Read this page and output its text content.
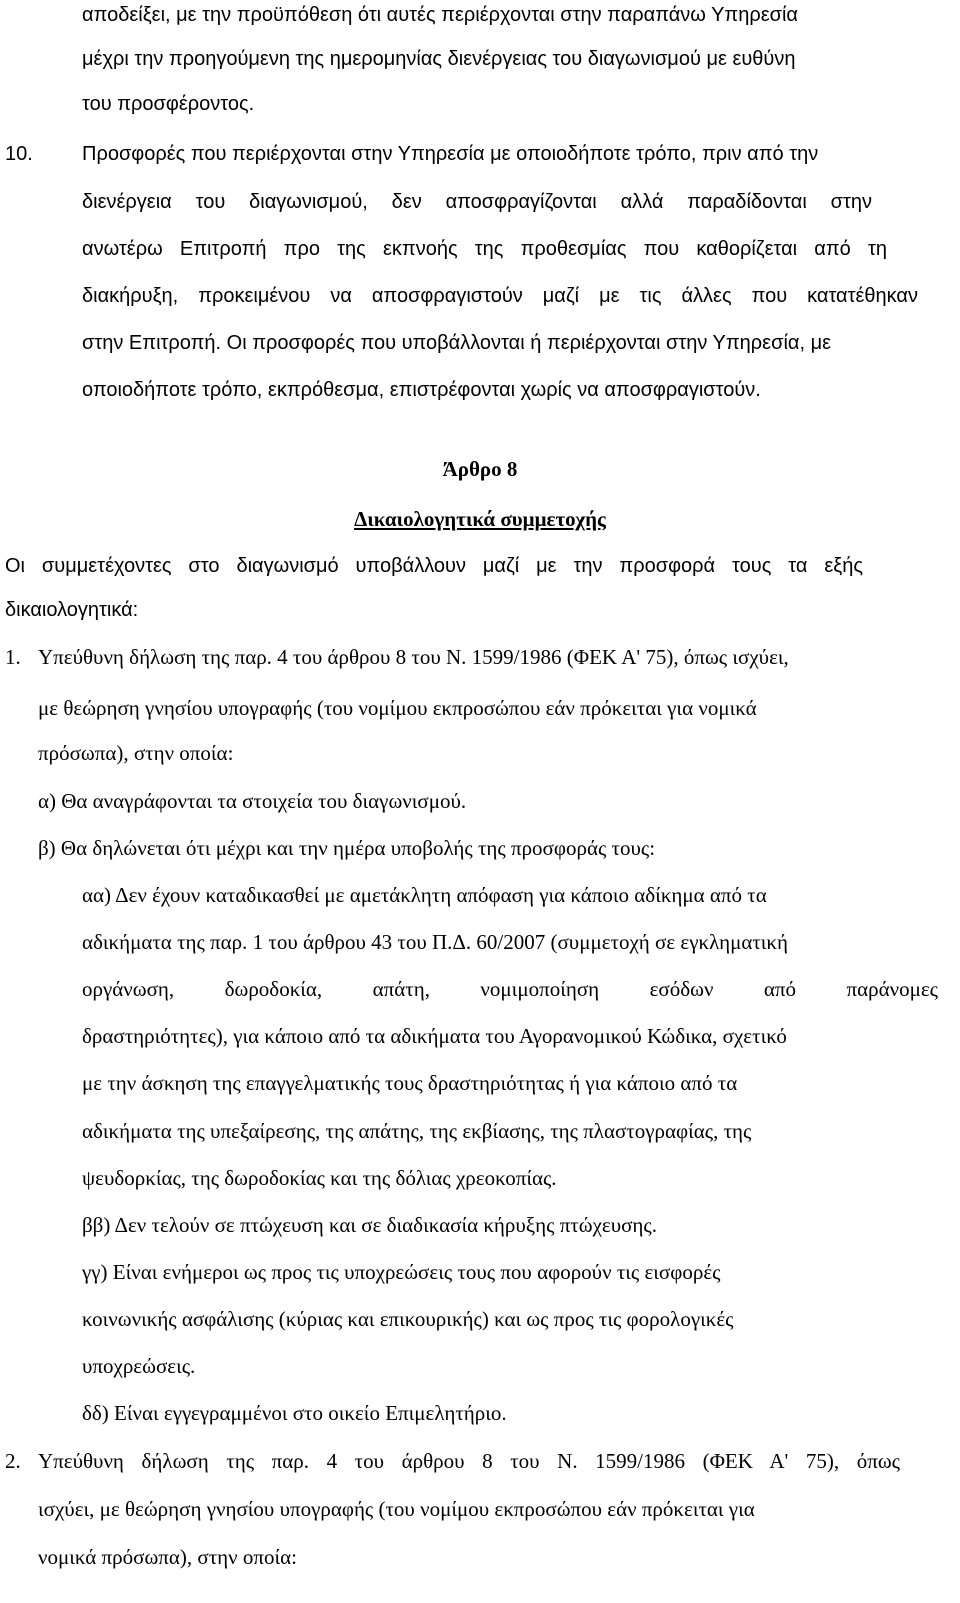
αποδείξει, με την προϋπόθεση ότι αυτές περιέρχονται στην παραπάνω Υπηρεσία
μέχρι την προηγούμενη της ημερομηνίας διενέργειας του διαγωνισμού με ευθύνη
του προσφέροντος.
10. Προσφορές που περιέρχονται στην Υπηρεσία με οποιοδήποτε τρόπο, πριν από την
διενέργεια του διαγωνισμού, δεν αποσφραγίζονται αλλά παραδίδονται στην
ανωτέρω Επιτροπή προ της εκπνοής της προθεσμίας που καθορίζεται από τη
διακήρυξη, προκειμένου να αποσφραγιστούν μαζί με τις άλλες που κατατέθηκαν
στην Επιτροπή. Οι προσφορές που υποβάλλονται ή περιέρχονται στην Υπηρεσία, με
οποιοδήποτε τρόπο, εκπρόθεσμα, επιστρέφονται χωρίς να αποσφραγιστούν.
Άρθρο 8
Δικαιολογητικά συμμετοχής
Οι συμμετέχοντες στο διαγωνισμό υποβάλλουν μαζί με την προσφορά τους τα εξής
δικαιολογητικά:
1. Υπεύθυνη δήλωση της παρ. 4 του άρθρου 8 του Ν. 1599/1986 (ΦΕΚ Α' 75), όπως ισχύει,
με θεώρηση γνησίου υπογραφής (του νομίμου εκπροσώπου εάν πρόκειται για νομικά
πρόσωπα), στην οποία:
α) Θα αναγράφονται τα στοιχεία του διαγωνισμού.
β) Θα δηλώνεται ότι μέχρι και την ημέρα υποβολής της προσφοράς τους:
αα) Δεν έχουν καταδικασθεί με αμετάκλητη απόφαση για κάποιο αδίκημα από τα
αδικήματα της παρ. 1 του άρθρου 43 του Π.Δ. 60/2007 (συμμετοχή σε εγκληματική
οργάνωση, δωροδοκία, απάτη, νομιμοποίηση εσόδων από παράνομες
δραστηριότητες), για κάποιο από τα αδικήματα του Αγορανομικού Κώδικα, σχετικό
με την άσκηση της επαγγελματικής τους δραστηριότητας ή για κάποιο από τα
αδικήματα της υπεξαίρεσης, της απάτης, της εκβίασης, της πλαστογραφίας, της
ψευδορκίας, της δωροδοκίας και της δόλιας χρεοκοπίας.
ββ) Δεν τελούν σε πτώχευση και σε διαδικασία κήρυξης πτώχευσης.
γγ) Είναι ενήμεροι ως προς τις υποχρεώσεις τους που αφορούν τις εισφορές
κοινωνικής ασφάλισης (κύριας και επικουρικής) και ως προς τις φορολογικές
υποχρεώσεις.
δδ) Είναι εγγεγραμμένοι στο οικείο Επιμελητήριο.
2. Υπεύθυνη δήλωση της παρ. 4 του άρθρου 8 του Ν. 1599/1986 (ΦΕΚ Α' 75), όπως
ισχύει, με θεώρηση γνησίου υπογραφής (του νομίμου εκπροσώπου εάν πρόκειται για
νομικά πρόσωπα), στην οποία:
